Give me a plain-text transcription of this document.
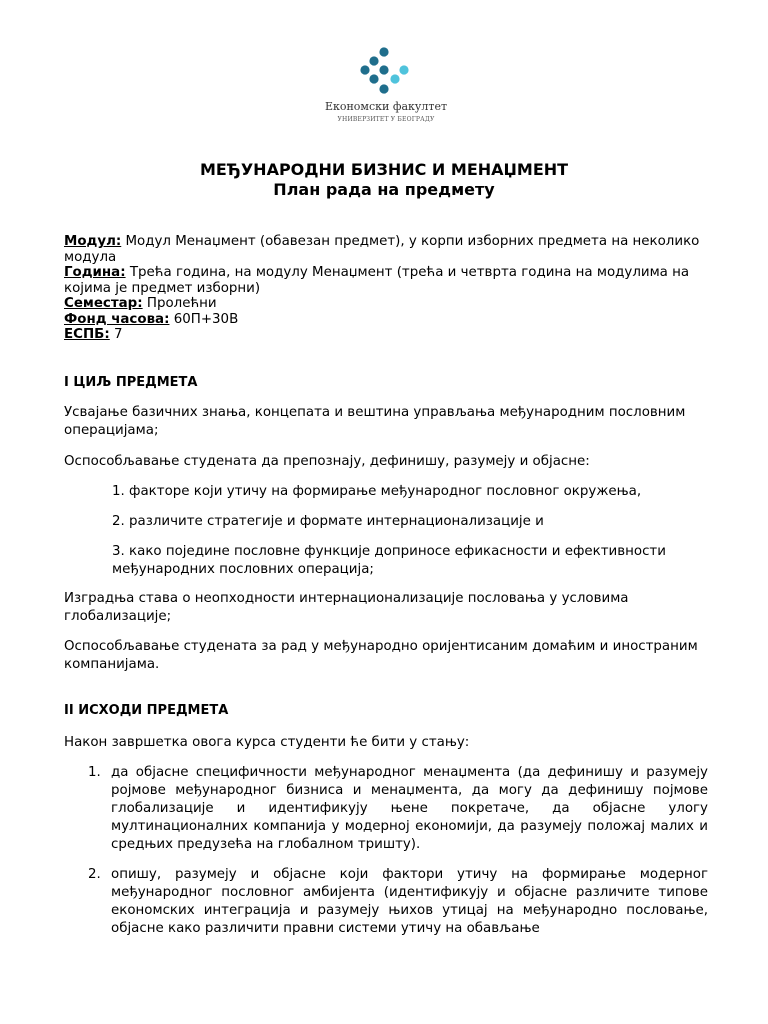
Економски факултет
УНИВЕРЗИТЕТ У БЕОГРАДУ
МЕЂУНАРОДНИ БИЗНИС И МЕНАЏМЕНТ
План рада на предмету

Модул: Модул Менаџмент (обавезан предмет), у корпи изборних предмета на неколико модула

Година: Трећа година, на модулу Менаџмент (трећа и четврта година на модулима на којима је предмет изборни)

Семестар: Пролећни

Фонд часова: 60П+30В

ЕСПБ: 7

I ЦИЉ ПРЕДМЕТА

Усвајање базичних знања, концепата и вештина управљања међународним пословним операцијама;

Оспособљавање студената да препознају, дефинишу, разумеју и објасне:

1. факторе који утичу на формирање међународног пословног окружења,
2. различите стратегије и формате интернационализације и
3. како поједине пословне функције доприносе ефикасности и ефективности међународних пословних операција;

Изградња става о неопходности интернационализације пословања у условима глобализације;

Оспособљавање студената за рад у међународно оријентисаним домаћим и иностраним компанијама.

II ИСХОДИ ПРЕДМЕТА

Након завршетка овога курса студенти ће бити у стању:

1. да објасне специфичности међународног менаџмента (да дефинишу и разумеју pojмове међународног бизниса и менаџмента, да могу да дефинишу појмове глобализације и идентификују њене покретаче, да објасне улогу мултинационалних компанија у модерној економији, да разумеју положај малих и средњих предузећа на глобалном тришту).
2. опишу, разумеју и објасне који фактори утичу на формирање модерног међународног пословног амбијента (идентификују и објасне различите типове економских интеграција и разумеју њихов утицај на међународно пословање, објасне како различити правни системи утичу на обављање
